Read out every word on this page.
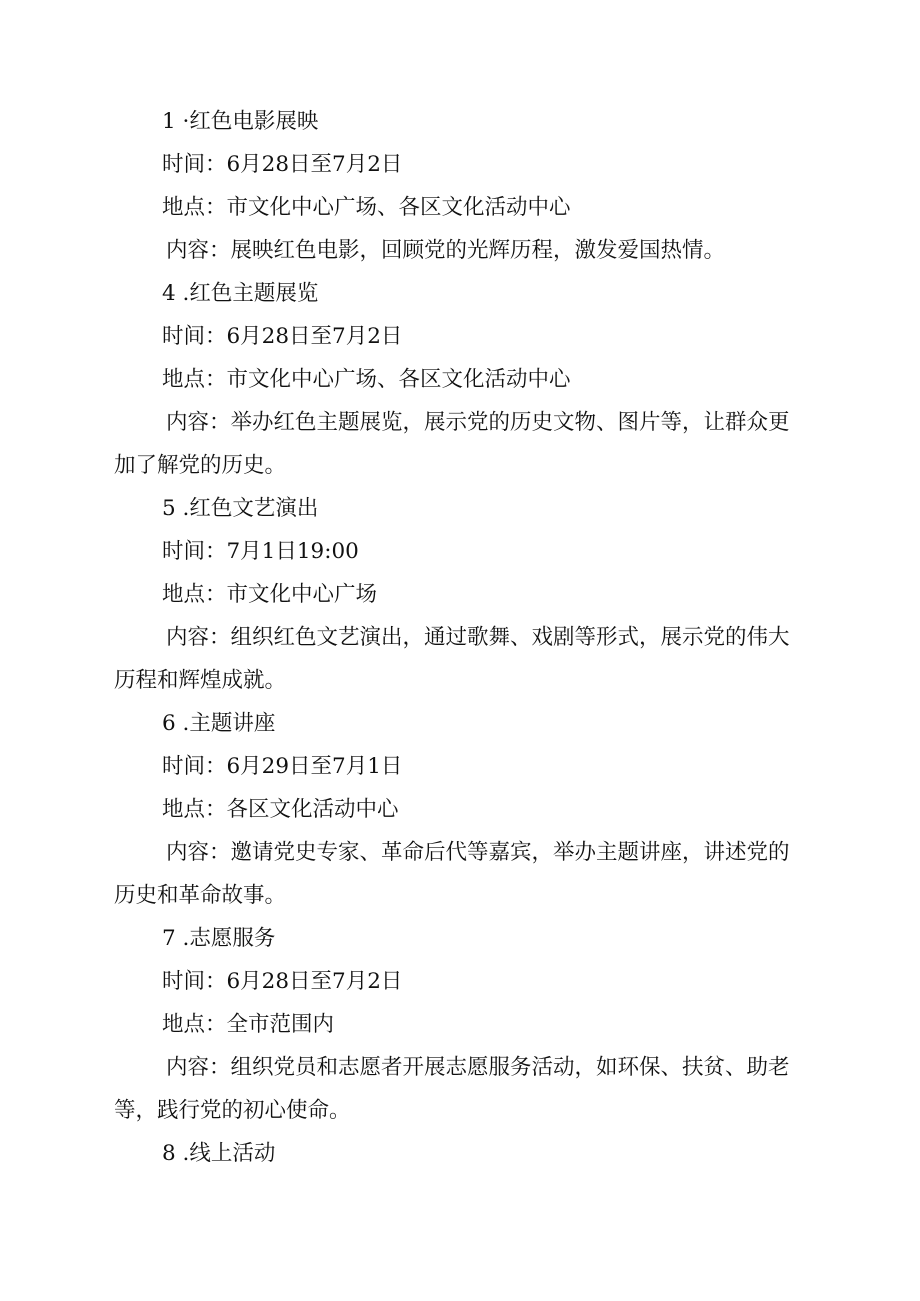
1 ·红色电影展映
时间：6月28日至7月2日
地点：市文化中心广场、各区文化活动中心
内容：展映红色电影，回顾党的光辉历程，激发爱国热情。
4 .红色主题展览
时间：6月28日至7月2日
地点：市文化中心广场、各区文化活动中心
内容：举办红色主题展览，展示党的历史文物、图片等，让群众更
加了解党的历史。
5 .红色文艺演出
时间：7月1日19:00
地点：市文化中心广场
内容：组织红色文艺演出，通过歌舞、戏剧等形式，展示党的伟大
历程和辉煌成就。
6 .主题讲座
时间：6月29日至7月1日
地点：各区文化活动中心
内容：邀请党史专家、革命后代等嘉宾，举办主题讲座，讲述党的
历史和革命故事。
7 .志愿服务
时间：6月28日至7月2日
地点：全市范围内
内容：组织党员和志愿者开展志愿服务活动，如环保、扶贫、助老
等，践行党的初心使命。
8 .线上活动
